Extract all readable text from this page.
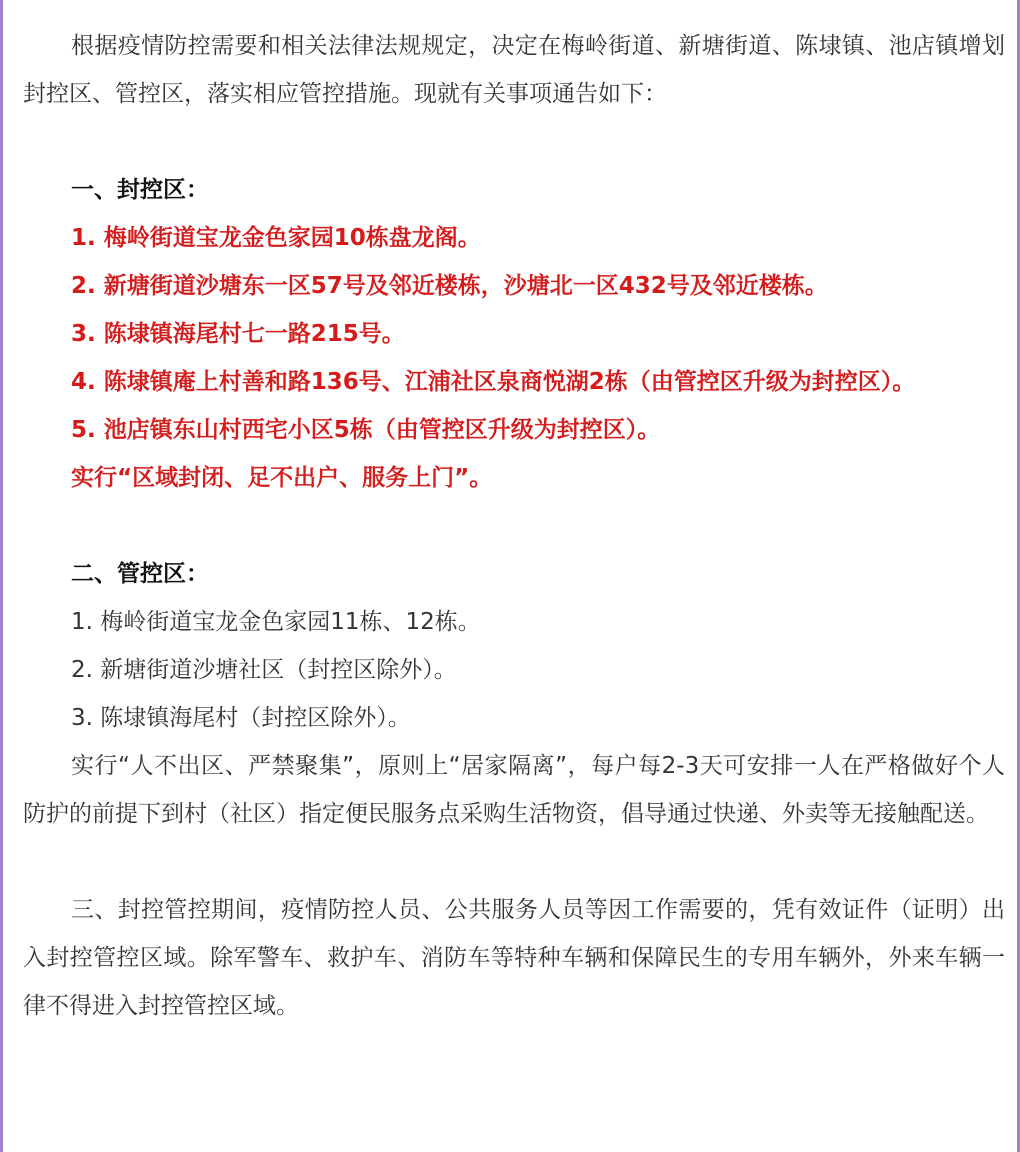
根据疫情防控需要和相关法律法规规定，决定在梅岭街道、新塘街道、陈埭镇、池店镇增划封控区、管控区，落实相应管控措施。现就有关事项通告如下：

一、封控区：

1. 梅岭街道宝龙金色家园10栋盘龙阁。

2. 新塘街道沙塘东一区57号及邻近楼栋，沙塘北一区432号及邻近楼栋。

3. 陈埭镇海尾村七一路215号。

4. 陈埭镇庵上村善和路136号、江浦社区泉商悦湖2栋（由管控区升级为封控区）。

5. 池店镇东山村西宅小区5栋（由管控区升级为封控区）。

实行“区域封闭、足不出户、服务上门”。

二、管控区：

1. 梅岭街道宝龙金色家园11栋、12栋。

2. 新塘街道沙塘社区（封控区除外）。

3. 陈埭镇海尾村（封控区除外）。

实行“人不出区、严禁聚集”，原则上“居家隔离”，每户每2-3天可安排一人在严格做好个人防护的前提下到村（社区）指定便民服务点采购生活物资，倡导通过快递、外卖等无接触配送。

三、封控管控期间，疫情防控人员、公共服务人员等因工作需要的，凭有效证件（证明）出入封控管控区域。除军警车、救护车、消防车等特种车辆和保障民生的专用车辆外，外来车辆一律不得进入封控管控区域。
